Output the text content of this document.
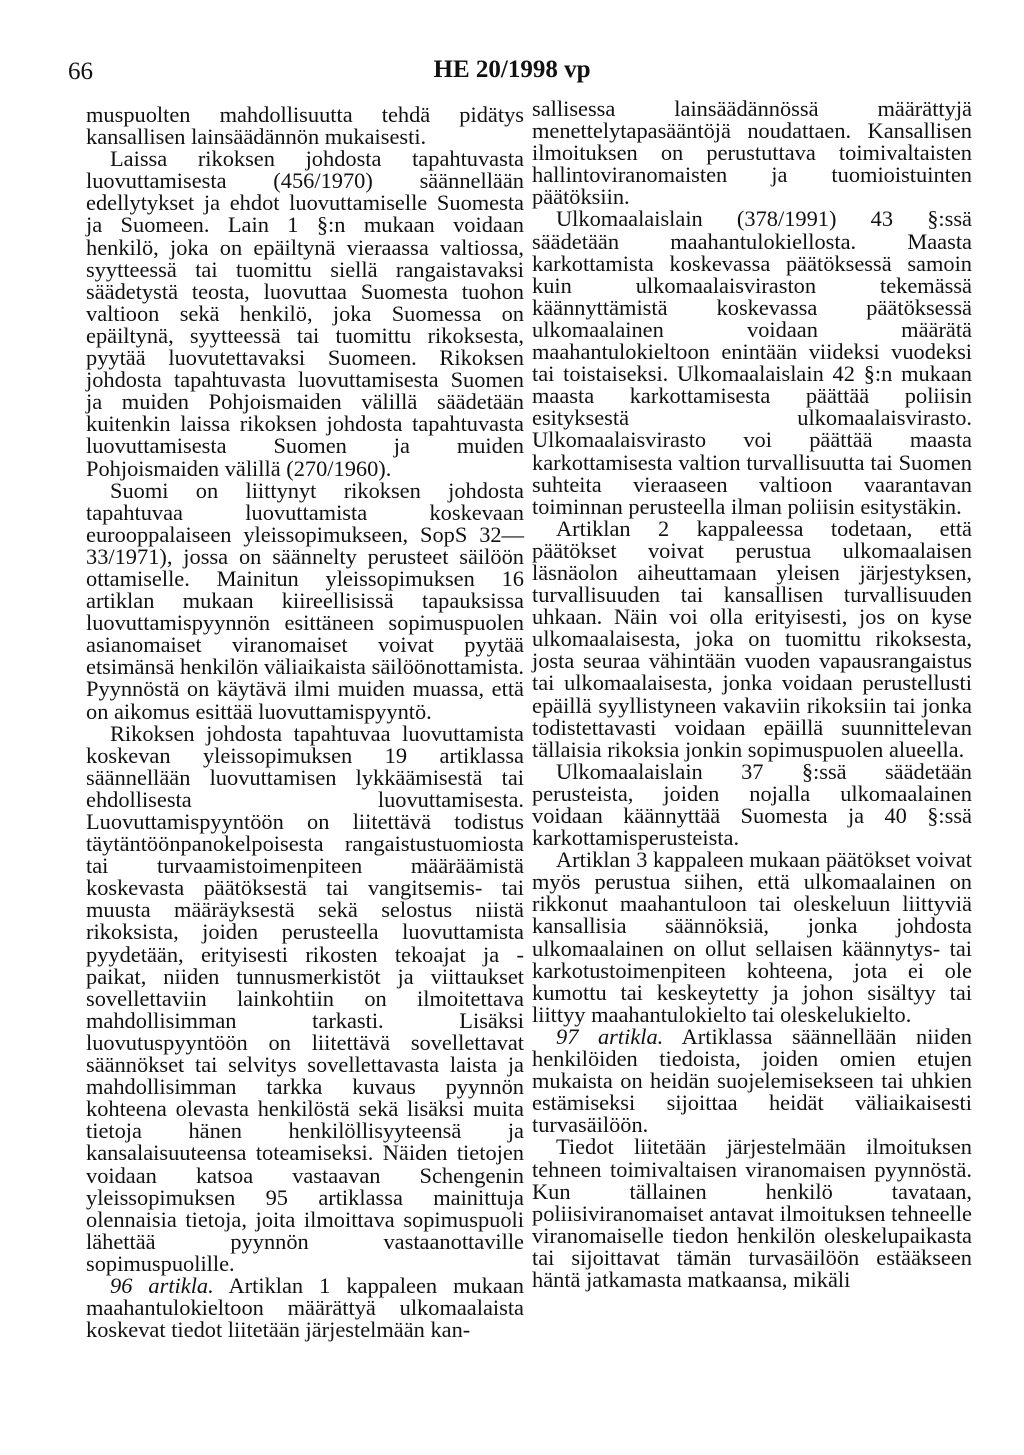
66	HE 20/1998 vp

muspuolten mahdollisuutta tehdä pidätys kansallisen lainsäädännön mukaisesti.

Laissa rikoksen johdosta tapahtuvasta luovuttamisesta (456/1970) säännellään edellytykset ja ehdot luovuttamiselle Suomesta ja Suomeen. Lain 1 §:n mukaan voidaan henkilö, joka on epäiltynä vieraassa valtiossa, syytteessä tai tuomittu siellä rangaistavaksi säädetystä teosta, luovuttaa Suomesta tuohon valtioon sekä henkilö, joka Suomessa on epäiltynä, syytteessä tai tuomittu rikoksesta, pyytää luovutettavaksi Suomeen. Rikoksen johdosta tapahtuvasta luovuttamisesta Suomen ja muiden Pohjoismaiden välillä säädetään kuitenkin laissa rikoksen johdosta tapahtuvasta luovuttamisesta Suomen ja muiden Pohjoismaiden välillä (270/1960).

Suomi on liittynyt rikoksen johdosta tapahtuvaa luovuttamista koskevaan eurooppalaiseen yleissopimukseen, SopS 32—33/1971), jossa on säännelty perusteet säilöön ottamiselle. Mainitun yleissopimuksen 16 artiklan mukaan kiireellisissä tapauksissa luovuttamispyynnön esittäneen sopimuspuolen asianomaiset viranomaiset voivat pyytää etsimänsä henkilön väliaikaista säilöönottamista. Pyynnöstä on käytävä ilmi muiden muassa, että on aikomus esittää luovuttamispyyntö.

Rikoksen johdosta tapahtuvaa luovuttamista koskevan yleissopimuksen 19 artiklassa säännellään luovuttamisen lykkäämisestä tai ehdollisesta luovuttamisesta. Luovuttamispyyntöön on liitettävä todistus täytäntöönpanokelpoisesta rangaistustuomiosta tai turvaamistoimenpiteen määräämistä koskevasta päätöksestä tai vangitsemis- tai muusta määräyksestä sekä selostus niistä rikoksista, joiden perusteella luovuttamista pyydetään, erityisesti rikosten tekoajat ja -paikat, niiden tunnusmerkistöt ja viittaukset sovellettaviin lainkohtiin on ilmoitettava mahdollisimman tarkasti. Lisäksi luovutuspyyntöön on liitettävä sovellettavat säännökset tai selvitys sovellettavasta laista ja mahdollisimman tarkka kuvaus pyynnön kohteena olevasta henkilöstä sekä lisäksi muita tietoja hänen henkilöllisyyteensä ja kansalaisuuteensa toteamiseksi. Näiden tietojen voidaan katsoa vastaavan Schengenin yleissopimuksen 95 artiklassa mainittuja olennaisia tietoja, joita ilmoittava sopimuspuoli lähettää pyynnön vastaanottaville sopimuspuolille.

96 artikla. Artiklan 1 kappaleen mukaan maahantulokieltoon määrättyä ulkomaalaista koskevat tiedot liitetään järjestelmään kan-

sallisessa lainsäädännössä määrättyjä menettelytapasääntöjä noudattaen. Kansallisen ilmoituksen on perustuttava toimivaltaisten hallintoviranomaisten ja tuomioistuinten päätöksiin.

Ulkomaalaislain (378/1991) 43 §:ssä säädetään maahantulokiellosta. Maasta karkottamista koskevassa päätöksessä samoin kuin ulkomaalaisviraston tekemässä käännyttämistä koskevassa päätöksessä ulkomaalainen voidaan määrätä maahantulokieltoon enintään viideksi vuodeksi tai toistaiseksi. Ulkomaalaislain 42 §:n mukaan maasta karkottamisesta päättää poliisin esityksestä ulkomaalaisvirasto. Ulkomaalaisvirasto voi päättää maasta karkottamisesta valtion turvallisuutta tai Suomen suhteita vieraaseen valtioon vaarantavan toiminnan perusteella ilman poliisin esitystäkin.

Artiklan 2 kappaleessa todetaan, että päätökset voivat perustua ulkomaalaisen läsnäolon aiheuttamaan yleisen järjestyksen, turvallisuuden tai kansallisen turvallisuuden uhkaan. Näin voi olla erityisesti, jos on kyse ulkomaalaisesta, joka on tuomittu rikoksesta, josta seuraa vähintään vuoden vapausrangaistus tai ulkomaalaisesta, jonka voidaan perustellusti epäillä syyllistyneen vakaviin rikoksiin tai jonka todistettavasti voidaan epäillä suunnittelevan tällaisia rikoksia jonkin sopimuspuolen alueella.

Ulkomaalaislain 37 §:ssä säädetään perusteista, joiden nojalla ulkomaalainen voidaan käännyttää Suomesta ja 40 §:ssä karkottamisperusteista.

Artiklan 3 kappaleen mukaan päätökset voivat myös perustua siihen, että ulkomaalainen on rikkonut maahantuloon tai oleskeluun liittyviä kansallisia säännöksiä, jonka johdosta ulkomaalainen on ollut sellaisen käännytys- tai karkotustoimenpiteen kohteena, jota ei ole kumottu tai keskeytetty ja johon sisältyy tai liittyy maahantulokielto tai oleskelukielto.

97 artikla. Artiklassa säännellään niiden henkilöiden tiedoista, joiden omien etujen mukaista on heidän suojelemisekseen tai uhkien estämiseksi sijoittaa heidät väliaikaisesti turvasäilöön.

Tiedot liitetään järjestelmään ilmoituksen tehneen toimivaltaisen viranomaisen pyynnöstä. Kun tällainen henkilö tavataan, poliisiviranomaiset antavat ilmoituksen tehneelle viranomaiselle tiedon henkilön oleskelupaikasta tai sijoittavat tämän turvasäilöön estääkseen häntä jatkamasta matkaansa, mikäli
